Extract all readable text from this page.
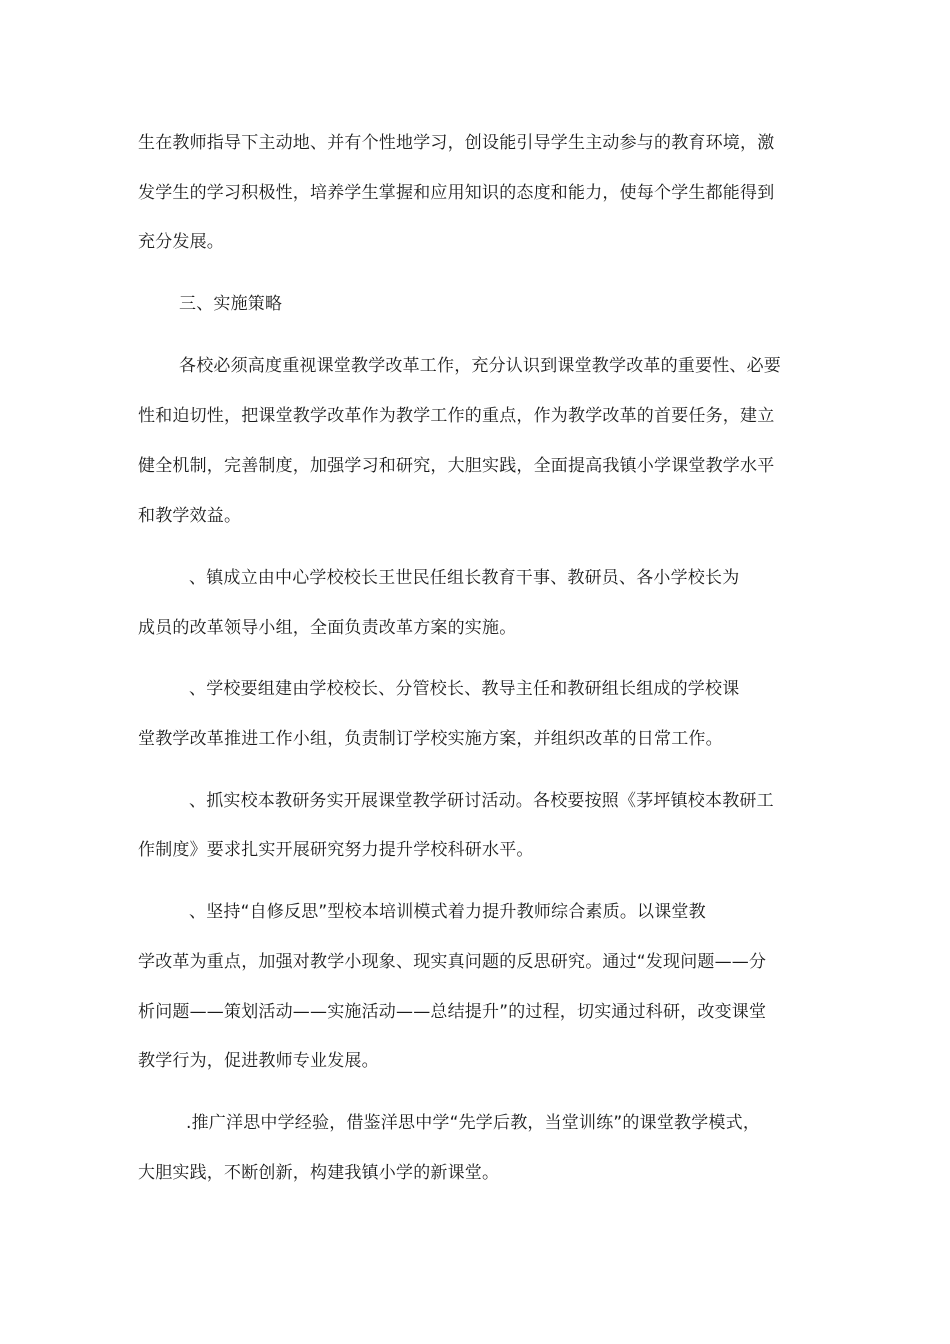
生在教师指导下主动地、并有个性地学习，创设能引导学生主动参与的教育环境，激
发学生的学习积极性，培养学生掌握和应用知识的态度和能力，使每个学生都能得到
充分发展。
三、实施策略
各校必须高度重视课堂教学改革工作，充分认识到课堂教学改革的重要性、必要
性和迫切性，把课堂教学改革作为教学工作的重点，作为教学改革的首要任务，建立
健全机制，完善制度，加强学习和研究，大胆实践，全面提高我镇小学课堂教学水平
和教学效益。
、镇成立由中心学校校长王世民任组长教育干事、教研员、各小学校长为
成员的改革领导小组，全面负责改革方案的实施。
、学校要组建由学校校长、分管校长、教导主任和教研组长组成的学校课
堂教学改革推进工作小组，负责制订学校实施方案，并组织改革的日常工作。
、抓实校本教研务实开展课堂教学研讨活动。各校要按照《茅坪镇校本教研工
作制度》要求扎实开展研究努力提升学校科研水平。
、坚持“自修反思”型校本培训模式着力提升教师综合素质。以课堂教
学改革为重点，加强对教学小现象、现实真问题的反思研究。通过“发现问题——分
析问题——策划活动——实施活动——总结提升”的过程，切实通过科研，改变课堂
教学行为，促进教师专业发展。
.推广洋思中学经验，借鉴洋思中学“先学后教，当堂训练”的课堂教学模式，
大胆实践，不断创新，构建我镇小学的新课堂。
